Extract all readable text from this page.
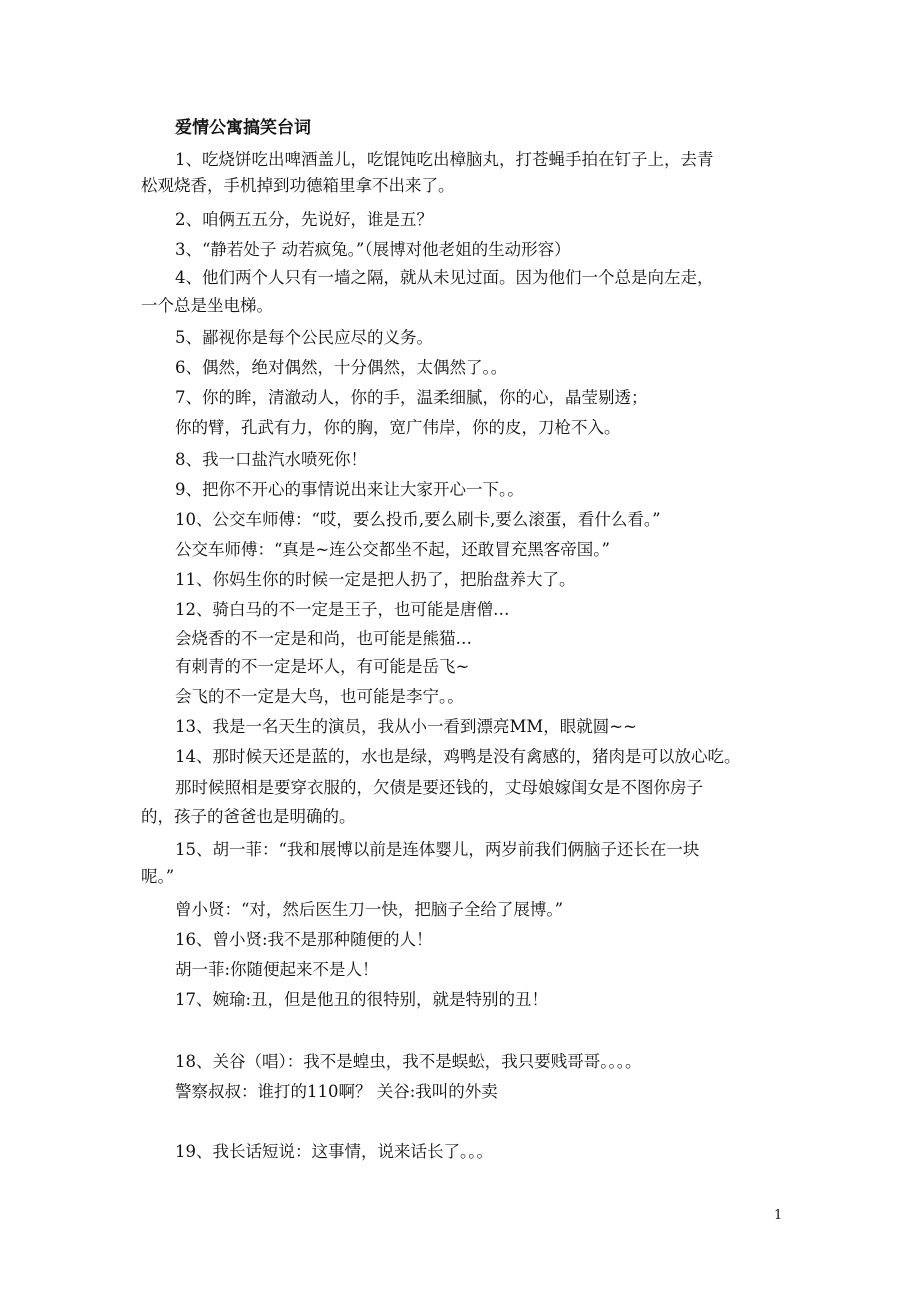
爱情公寓搞笑台词
1、吃烧饼吃出啤酒盖儿，吃馄饨吃出樟脑丸，打苍蝇手拍在钉子上，去青
松观烧香，手机掉到功德箱里拿不出来了。
2、咱俩五五分，先说好，谁是五？
3、“静若处子 动若疯兔。”（展博对他老姐的生动形容）
4、他们两个人只有一墙之隔，就从未见过面。因为他们一个总是向左走，
一个总是坐电梯。
5、鄙视你是每个公民应尽的义务。
6、偶然，绝对偶然，十分偶然，太偶然了。。
7、你的眸，清澈动人，你的手，温柔细腻，你的心，晶莹剔透；
你的臂，孔武有力，你的胸，宽广伟岸，你的皮，刀枪不入。
8、我一口盐汽水喷死你！
9、把你不开心的事情说出来让大家开心一下。。
10、公交车师傅：“哎，要么投币,要么刷卡,要么滚蛋，看什么看。”
公交车师傅：“真是~连公交都坐不起，还敢冒充黑客帝国。”
11、你妈生你的时候一定是把人扔了，把胎盘养大了。
12、骑白马的不一定是王子，也可能是唐僧…
会烧香的不一定是和尚，也可能是熊猫…
有刺青的不一定是坏人，有可能是岳飞~
会飞的不一定是大鸟，也可能是李宁。。
13、我是一名天生的演员，我从小一看到漂亮MM，眼就圆~~
14、那时候天还是蓝的，水也是绿，鸡鸭是没有禽感的，猪肉是可以放心吃。
那时候照相是要穿衣服的，欠债是要还钱的，丈母娘嫁闺女是不图你房子
的，孩子的爸爸也是明确的。
15、胡一菲：“我和展博以前是连体婴儿，两岁前我们俩脑子还长在一块
呢。”
曾小贤：“对，然后医生刀一快，把脑子全给了展博。”
16、曾小贤:我不是那种随便的人！
胡一菲:你随便起来不是人！
17、婉瑜:丑，但是他丑的很特别，就是特别的丑！
18、关谷（唱）：我不是蝗虫，我不是蜈蚣，我只要贱哥哥。。。。
警察叔叔：谁打的110啊？ 关谷:我叫的外卖
19、我长话短说：这事情，说来话长了。。。
1
